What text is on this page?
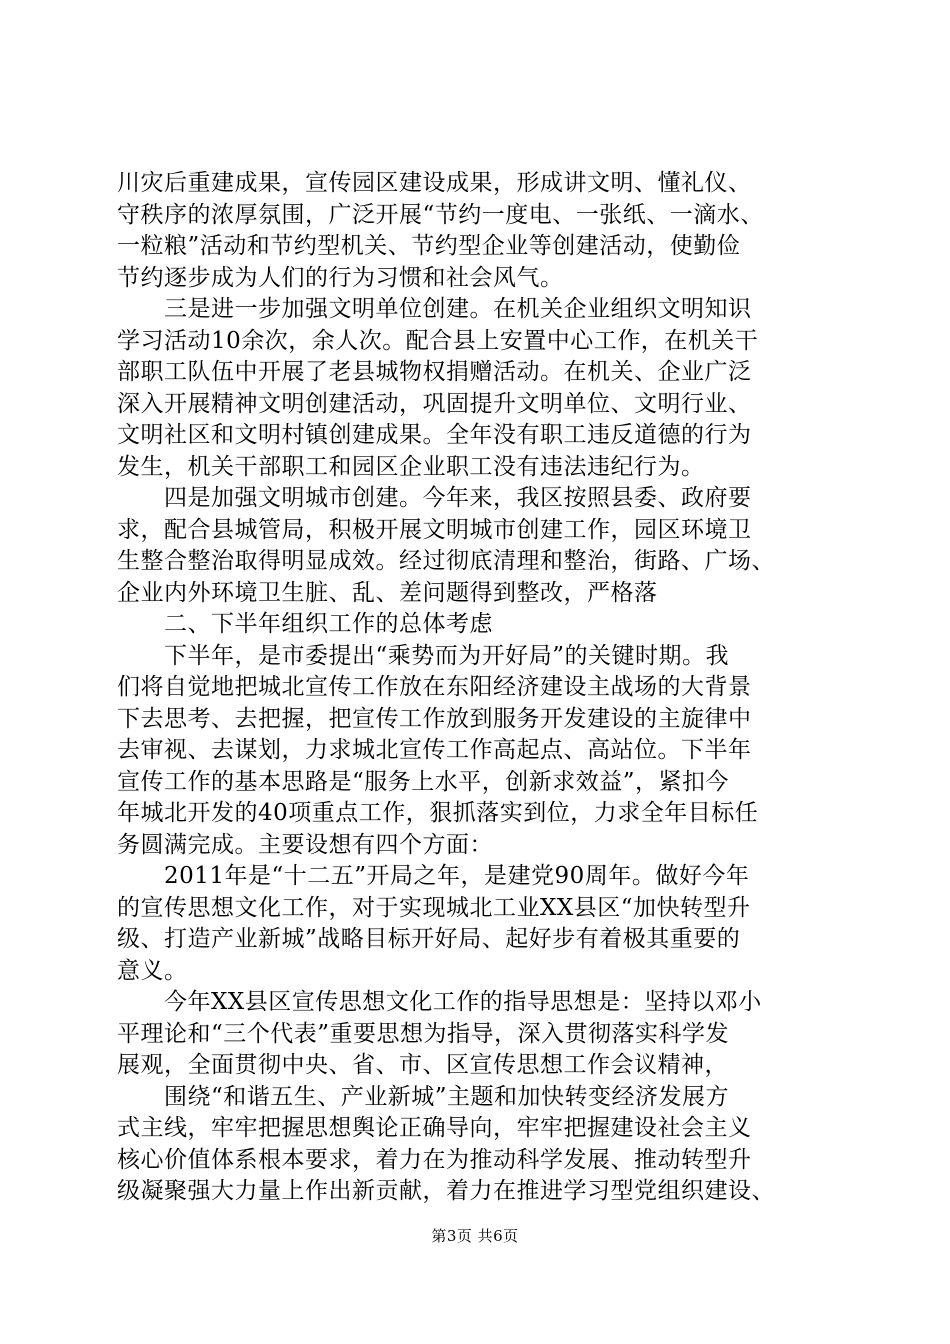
川灾后重建成果，宣传园区建设成果，形成讲文明、懂礼仪、
守秩序的浓厚氛围，广泛开展“节约一度电、一张纸、一滴水、
一粒粮”活动和节约型机关、节约型企业等创建活动，使勤俭
节约逐步成为人们的行为习惯和社会风气。
　　三是进一步加强文明单位创建。在机关企业组织文明知识
学习活动10余次，余人次。配合县上安置中心工作，在机关干
部职工队伍中开展了老县城物权捐赠活动。在机关、企业广泛
深入开展精神文明创建活动，巩固提升文明单位、文明行业、
文明社区和文明村镇创建成果。全年没有职工违反道德的行为
发生，机关干部职工和园区企业职工没有违法违纪行为。
　　四是加强文明城市创建。今年来，我区按照县委、政府要
求，配合县城管局，积极开展文明城市创建工作，园区环境卫
生整合整治取得明显成效。经过彻底清理和整治，街路、广场、
企业内外环境卫生脏、乱、差问题得到整改，严格落
　　二、下半年组织工作的总体考虑
　　下半年，是市委提出“乘势而为开好局”的关键时期。我
们将自觉地把城北宣传工作放在东阳经济建设主战场的大背景
下去思考、去把握，把宣传工作放到服务开发建设的主旋律中
去审视、去谋划，力求城北宣传工作高起点、高站位。下半年
宣传工作的基本思路是“服务上水平，创新求效益”，紧扣今
年城北开发的40项重点工作，狠抓落实到位，力求全年目标任
务圆满完成。主要设想有四个方面：
　　2011年是“十二五”开局之年，是建党90周年。做好今年
的宣传思想文化工作，对于实现城北工业XX县区“加快转型升
级、打造产业新城”战略目标开好局、起好步有着极其重要的
意义。
　　今年XX县区宣传思想文化工作的指导思想是：坚持以邓小
平理论和“三个代表”重要思想为指导，深入贯彻落实科学发
展观，全面贯彻中央、省、市、区宣传思想工作会议精神，
　　围绕“和谐五生、产业新城”主题和加快转变经济发展方
式主线，牢牢把握思想舆论正确导向，牢牢把握建设社会主义
核心价值体系根本要求，着力在为推动科学发展、推动转型升
级凝聚强大力量上作出新贡献，着力在推进学习型党组织建设、
第3页 共6页
